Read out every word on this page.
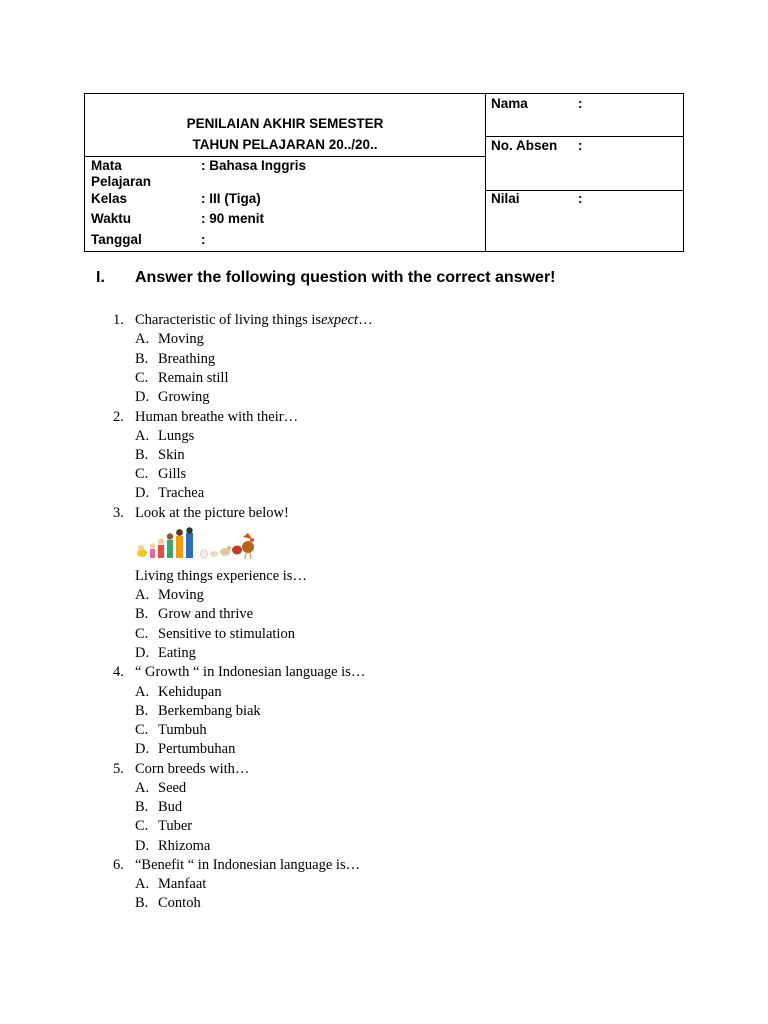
PENILAIAN AKHIR SEMESTER
TAHUN PELAJARAN 20../20..
Mata
Pelajaran
: Bahasa Inggris
Kelas	: III (Tiga)
Waktu	: 90 menit
Tanggal	:
Nama	:
No. Absen :
Nilai	:
I. Answer the following question with the correct answer!
1. Characteristic of living things isexpect…
A. Moving
B. Breathing
C. Remain still
D. Growing
2. Human breathe with their…
A. Lungs
B. Skin
C. Gills
D. Trachea
3. Look at the picture below!
Living things experience is…
A. Moving
B. Grow and thrive
C. Sensitive to stimulation
D. Eating
4. “ Growth “ in Indonesian language is…
A. Kehidupan
B. Berkembang biak
C. Tumbuh
D. Pertumbuhan
5. Corn breeds with…
A. Seed
B. Bud
C. Tuber
D. Rhizoma
6. “Benefit “ in Indonesian language is…
A. Manfaat
B. Contoh
